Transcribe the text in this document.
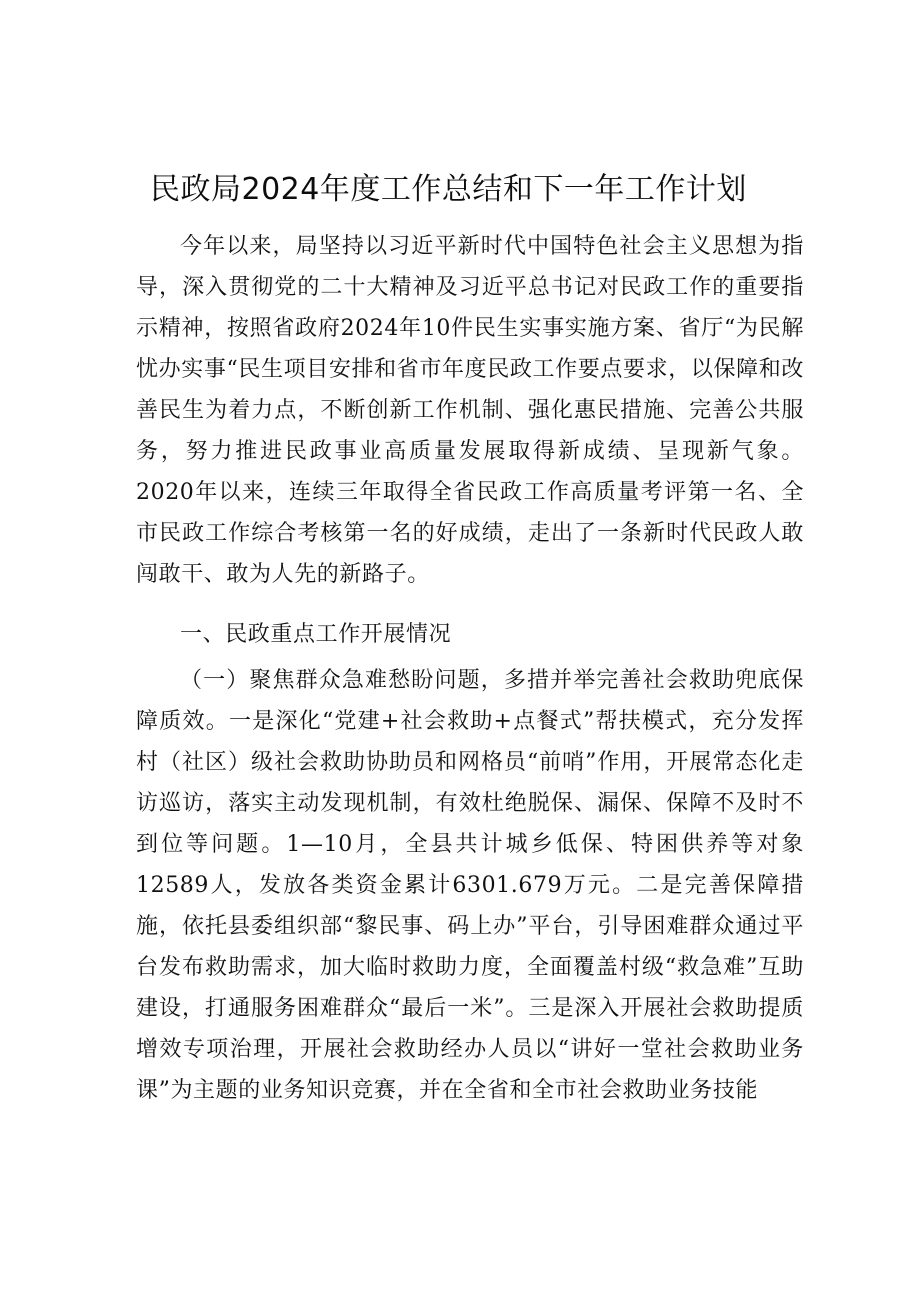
民政局2024年度工作总结和下一年工作计划

今年以来，局坚持以习近平新时代中国特色社会主义思想为指导，深入贯彻党的二十大精神及习近平总书记对民政工作的重要指示精神，按照省政府2024年10件民生实事实施方案、省厅“为民解忧办实事“民生项目安排和省市年度民政工作要点要求，以保障和改善民生为着力点，不断创新工作机制、强化惠民措施、完善公共服务，努力推进民政事业高质量发展取得新成绩、呈现新气象。2020年以来，连续三年取得全省民政工作高质量考评第一名、全市民政工作综合考核第一名的好成绩，走出了一条新时代民政人敢闯敢干、敢为人先的新路子。

一、民政重点工作开展情况

（一）聚焦群众急难愁盼问题，多措并举完善社会救助兜底保障质效。一是深化“党建+社会救助+点餐式”帮扶模式，充分发挥村（社区）级社会救助协助员和网格员“前哨”作用，开展常态化走访巡访，落实主动发现机制，有效杜绝脱保、漏保、保障不及时不到位等问题。1—10月，全县共计城乡低保、特困供养等对象12589人，发放各类资金累计6301.679万元。二是完善保障措施，依托县委组织部“黎民事、码上办”平台，引导困难群众通过平台发布救助需求，加大临时救助力度，全面覆盖村级“救急难”互助建设，打通服务困难群众“最后一米”。三是深入开展社会救助提质增效专项治理，开展社会救助经办人员以“讲好一堂社会救助业务课”为主题的业务知识竞赛，并在全省和全市社会救助业务技能
